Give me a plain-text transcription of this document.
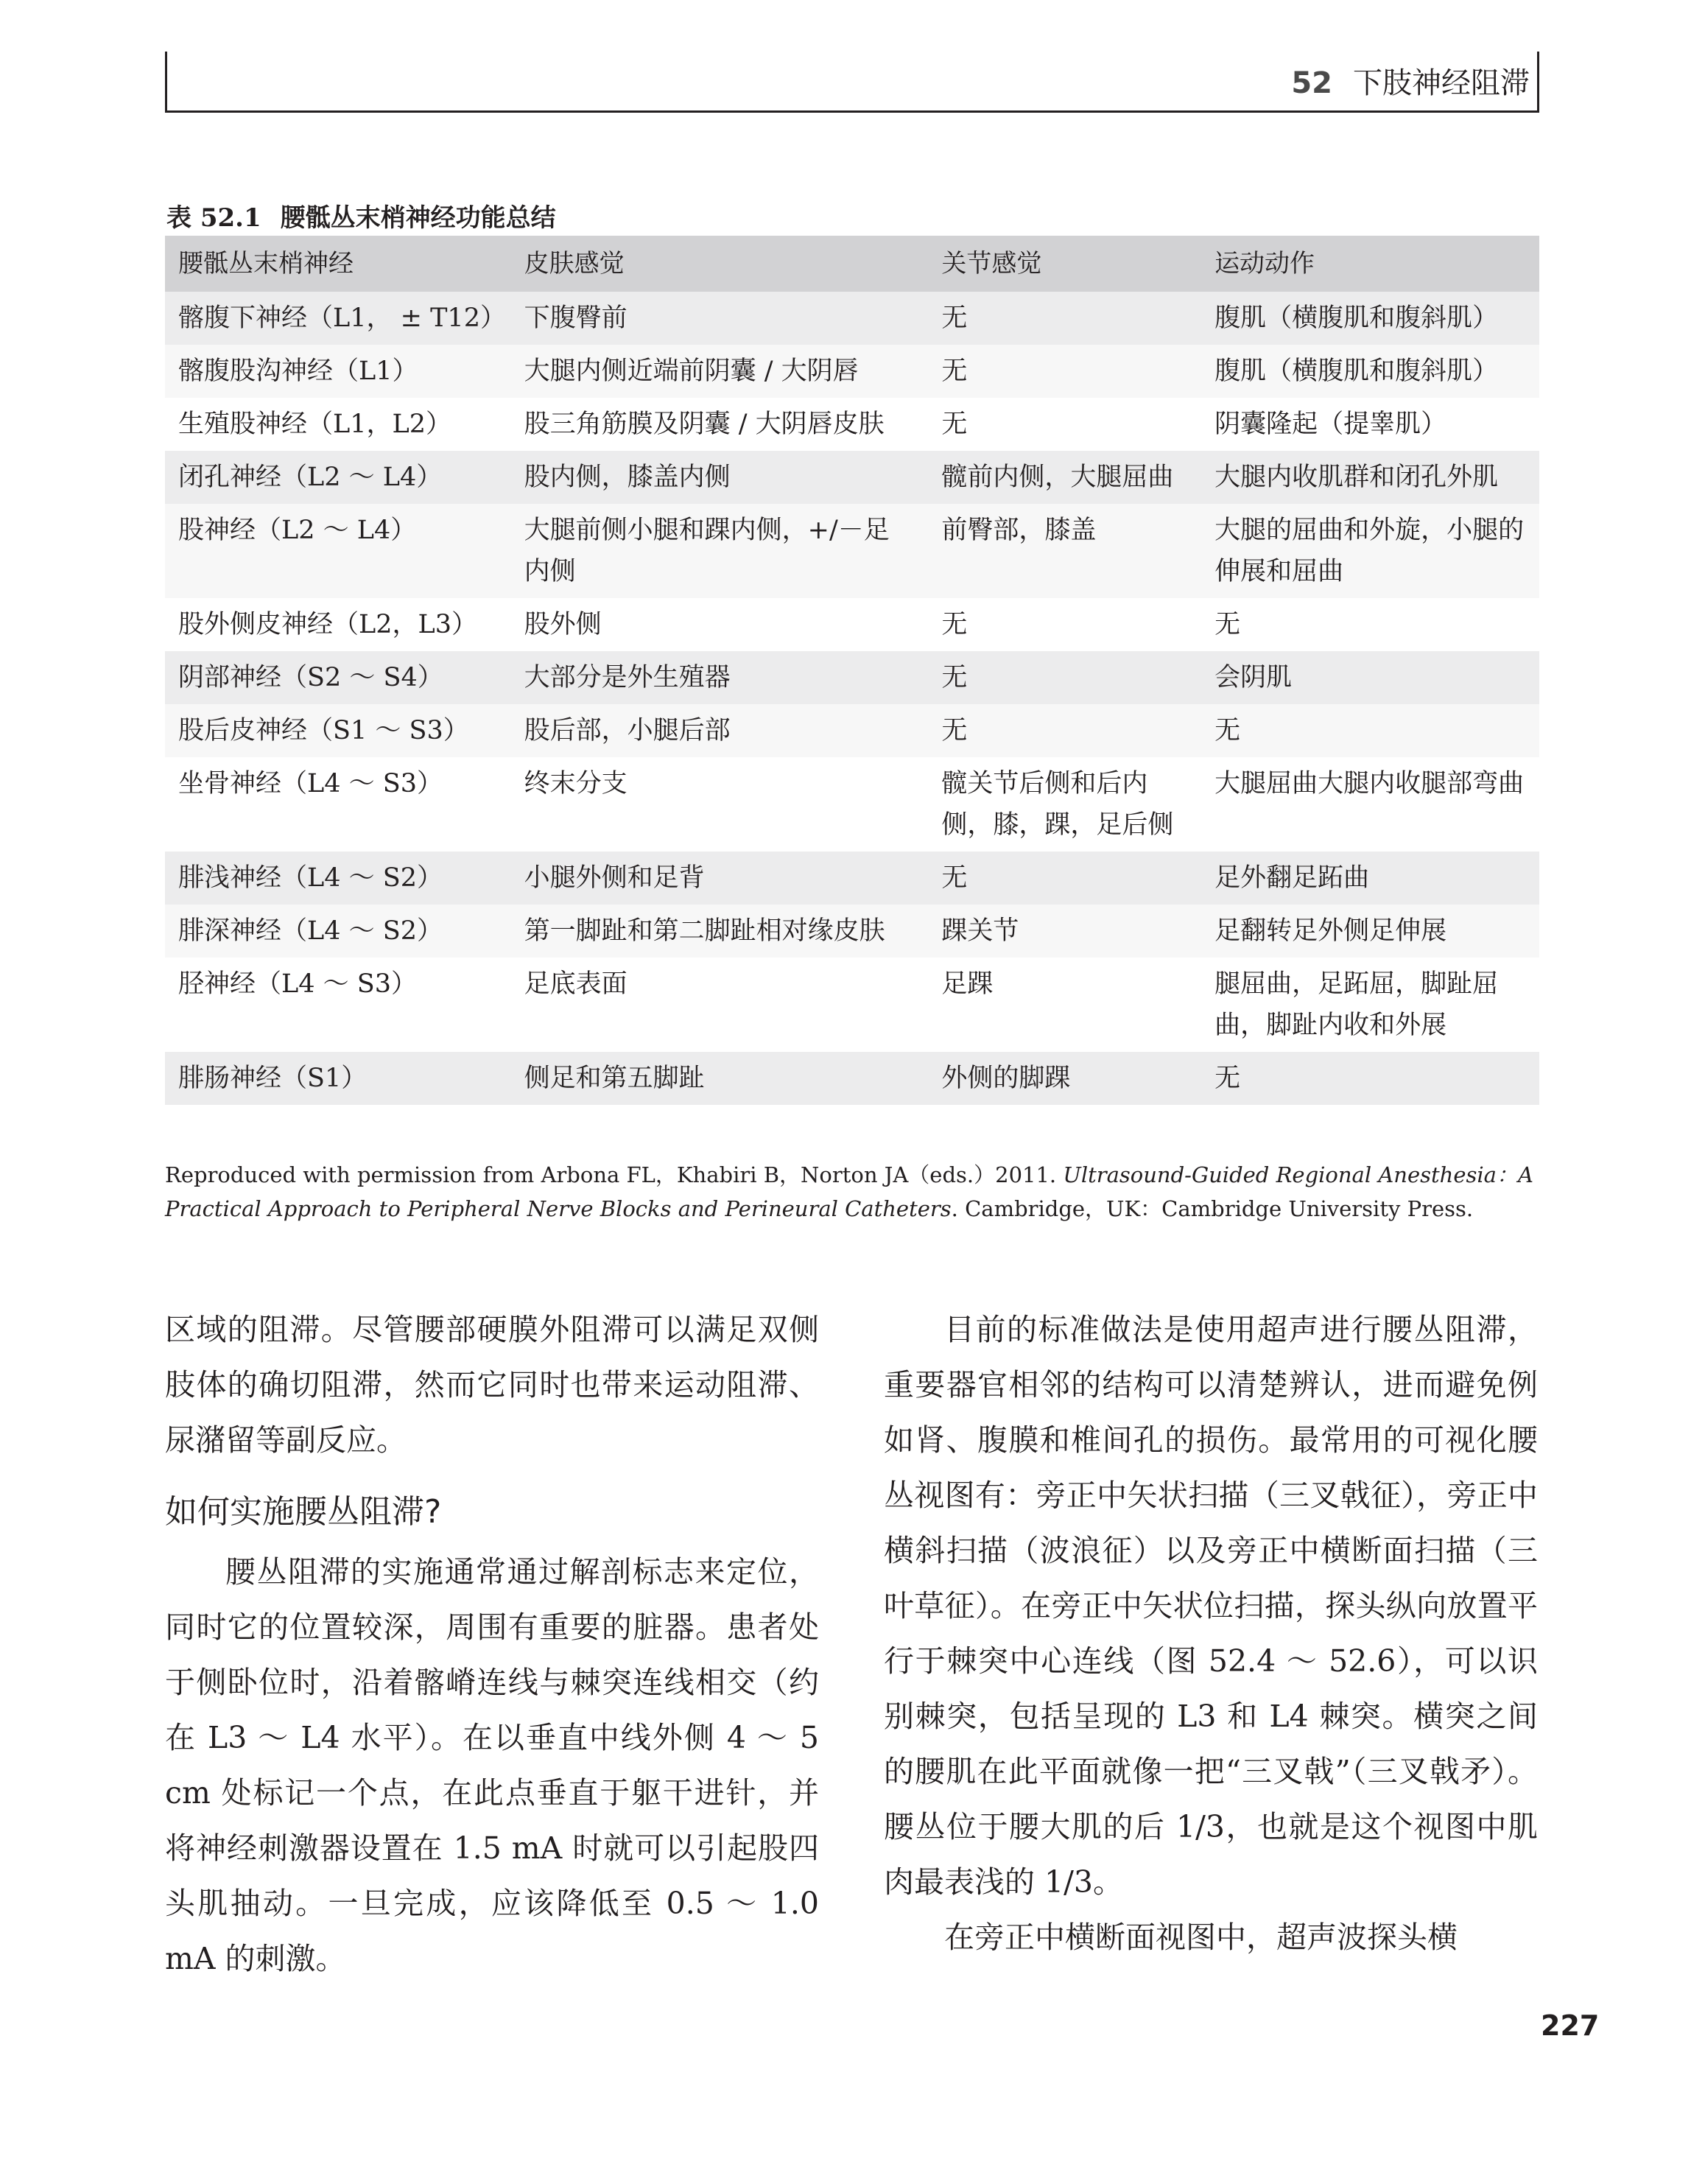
52 下肢神经阻滞
表 52.1 腰骶丛末梢神经功能总结
腰骶丛末梢神经	皮肤感觉	关节感觉	运动动作
髂腹下神经（L1， ± T12）	下腹臀前	无	腹肌（横腹肌和腹斜肌）
髂腹股沟神经（L1）	大腿内侧近端前阴囊 / 大阴唇	无	腹肌（横腹肌和腹斜肌）
生殖股神经（L1，L2）	股三角筋膜及阴囊 / 大阴唇皮肤	无	阴囊隆起（提睾肌）
闭孔神经（L2 ～ L4）	股内侧，膝盖内侧	髋前内侧，大腿屈曲	大腿内收肌群和闭孔外肌
股神经（L2 ～ L4）	大腿前侧小腿和踝内侧，+/－足内侧	前臀部，膝盖	大腿的屈曲和外旋，小腿的伸展和屈曲
股外侧皮神经（L2，L3）	股外侧	无	无
阴部神经（S2 ～ S4）	大部分是外生殖器	无	会阴肌
股后皮神经（S1 ～ S3）	股后部，小腿后部	无	无
坐骨神经（L4 ～ S3）	终末分支	髋关节后侧和后内侧，膝，踝，足后侧	大腿屈曲大腿内收腿部弯曲
腓浅神经（L4 ～ S2）	小腿外侧和足背	无	足外翻足跖曲
腓深神经（L4 ～ S2）	第一脚趾和第二脚趾相对缘皮肤	踝关节	足翻转足外侧足伸展
胫神经（L4 ～ S3）	足底表面	足踝	腿屈曲，足跖屈，脚趾屈曲，脚趾内收和外展
腓肠神经（S1）	侧足和第五脚趾	外侧的脚踝	无
Reproduced with permission from Arbona FL，Khabiri B，Norton JA（eds.）2011. Ultrasound-Guided Regional Anesthesia：A Practical Approach to Peripheral Nerve Blocks and Perineural Catheters. Cambridge，UK：Cambridge University Press.

区域的阻滞。尽管腰部硬膜外阻滞可以满足双侧肢体的确切阻滞，然而它同时也带来运动阻滞、尿潴留等副反应。

如何实施腰丛阻滞?

腰丛阻滞的实施通常通过解剖标志来定位，同时它的位置较深，周围有重要的脏器。患者处于侧卧位时，沿着髂嵴连线与棘突连线相交（约在 L3 ～ L4 水平）。在以垂直中线外侧 4 ～ 5 cm 处标记一个点，在此点垂直于躯干进针，并将神经刺激器设置在 1.5 mA 时就可以引起股四头肌抽动。一旦完成，应该降低至 0.5 ～ 1.0 mA 的刺激。

目前的标准做法是使用超声进行腰丛阻滞，重要器官相邻的结构可以清楚辨认，进而避免例如肾、腹膜和椎间孔的损伤。最常用的可视化腰丛视图有：旁正中矢状扫描（三叉戟征），旁正中横斜扫描（波浪征）以及旁正中横断面扫描（三叶草征）。在旁正中矢状位扫描，探头纵向放置平行于棘突中心连线（图 52.4 ～ 52.6），可以识别棘突，包括呈现的 L3 和 L4 棘突。横突之间的腰肌在此平面就像一把“三叉戟”（三叉戟矛）。腰丛位于腰大肌的后 1/3，也就是这个视图中肌肉最表浅的 1/3。

在旁正中横断面视图中，超声波探头横

227
